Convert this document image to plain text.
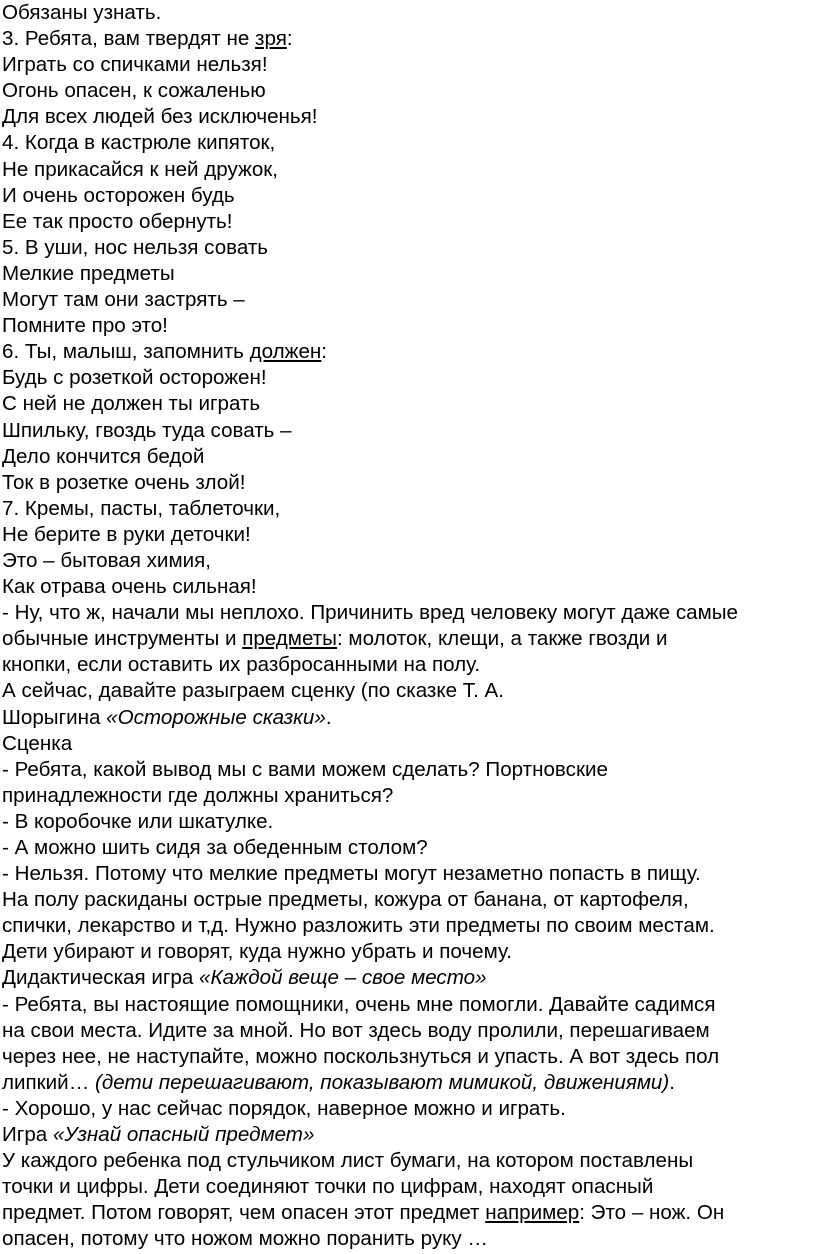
Обязаны узнать.
3. Ребята, вам твердят не зря:
Играть со спичками нельзя!
Огонь опасен, к сожаленью
Для всех людей без исключенья!
4. Когда в кастрюле кипяток,
Не прикасайся к ней дружок,
И очень осторожен будь
Ее так просто обернуть!
5. В уши, нос нельзя совать
Мелкие предметы
Могут там они застрять –
Помните про это!
6. Ты, малыш, запомнить должен:
Будь с розеткой осторожен!
С ней не должен ты играть
Шпильку, гвоздь туда совать –
Дело кончится бедой
Ток в розетке очень злой!
7. Кремы, пасты, таблеточки,
Не берите в руки деточки!
Это – бытовая химия,
Как отрава очень сильная!
- Ну, что ж, начали мы неплохо. Причинить вред человеку могут даже самые
обычные инструменты и предметы: молоток, клещи, а также гвозди и
кнопки, если оставить их разбросанными на полу.
А сейчас, давайте разыграем сценку (по сказке Т. А.
Шорыгина «Осторожные сказки».
Сценка
- Ребята, какой вывод мы с вами можем сделать? Портновские
принадлежности где должны храниться?
- В коробочке или шкатулке.
- А можно шить сидя за обеденным столом?
- Нельзя. Потому что мелкие предметы могут незаметно попасть в пищу.
На полу раскиданы острые предметы, кожура от банана, от картофеля,
спички, лекарство и т,д. Нужно разложить эти предметы по своим местам.
Дети убирают и говорят, куда нужно убрать и почему.
Дидактическая игра «Каждой веще – свое место»
- Ребята, вы настоящие помощники, очень мне помогли. Давайте садимся
на свои места. Идите за мной. Но вот здесь воду пролили, перешагиваем
через нее, не наступайте, можно поскользнуться и упасть. А вот здесь пол
липкий… (дети перешагивают, показывают мимикой, движениями).
- Хорошо, у нас сейчас порядок, наверное можно и играть.
Игра «Узнай опасный предмет»
У каждого ребенка под стульчиком лист бумаги, на котором поставлены
точки и цифры. Дети соединяют точки по цифрам, находят опасный
предмет. Потом говорят, чем опасен этот предмет например: Это – нож. Он
опасен, потому что ножом можно поранить руку …
